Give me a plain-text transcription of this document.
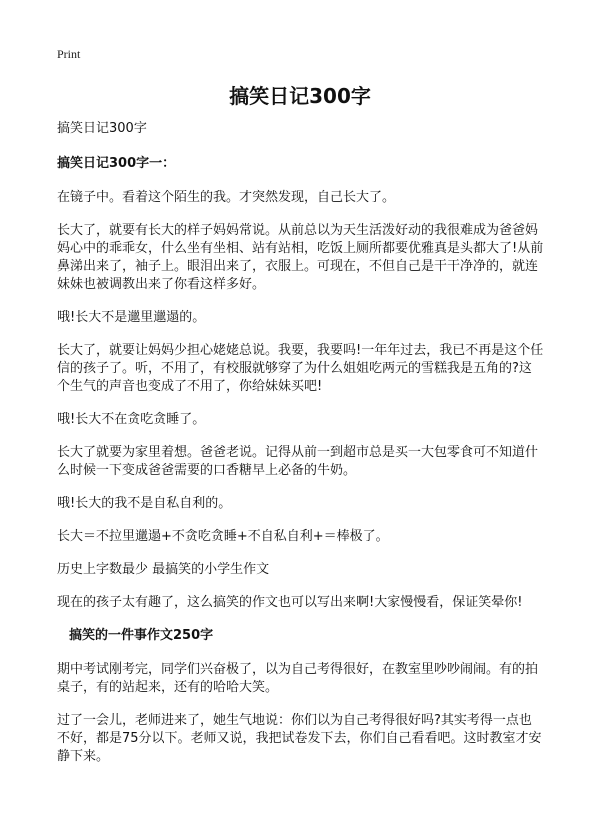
Print
搞笑日记300字

搞笑日记300字

搞笑日记300字一：

在镜子中。看着这个陌生的我。才突然发现，自己长大了。

长大了，就要有长大的样子妈妈常说。从前总以为天生活泼好动的我很难成为爸爸妈妈心中的乖乖女，什么坐有坐相、站有站相，吃饭上厕所都要优雅真是头都大了!从前鼻涕出来了，袖子上。眼泪出来了，衣服上。可现在，不但自己是干干净净的，就连妹妹也被调教出来了你看这样多好。

哦!长大不是邋里邋遢的。

长大了，就要让妈妈少担心姥姥总说。我要，我要吗!一年年过去，我已不再是这个任信的孩子了。听，不用了，有校服就够穿了为什么姐姐吃两元的雪糕我是五角的?这个生气的声音也变成了不用了，你给妹妹买吧!

哦!长大不在贪吃贪睡了。

长大了就要为家里着想。爸爸老说。记得从前一到超市总是买一大包零食可不知道什么时候一下变成爸爸需要的口香糖早上必备的牛奶。

哦!长大的我不是自私自利的。

长大＝不拉里邋遢+不贪吃贪睡+不自私自利+＝棒极了。

历史上字数最少 最搞笑的小学生作文

现在的孩子太有趣了，这么搞笑的作文也可以写出来啊!大家慢慢看，保证笑晕你!

搞笑的一件事作文250字

期中考试刚考完，同学们兴奋极了，以为自己考得很好，在教室里吵吵闹闹。有的拍桌子，有的站起来，还有的哈哈大笑。

过了一会儿，老师进来了，她生气地说：你们以为自己考得很好吗?其实考得一点也不好，都是75分以下。老师又说，我把试卷发下去，你们自己看看吧。这时教室才安静下来。
